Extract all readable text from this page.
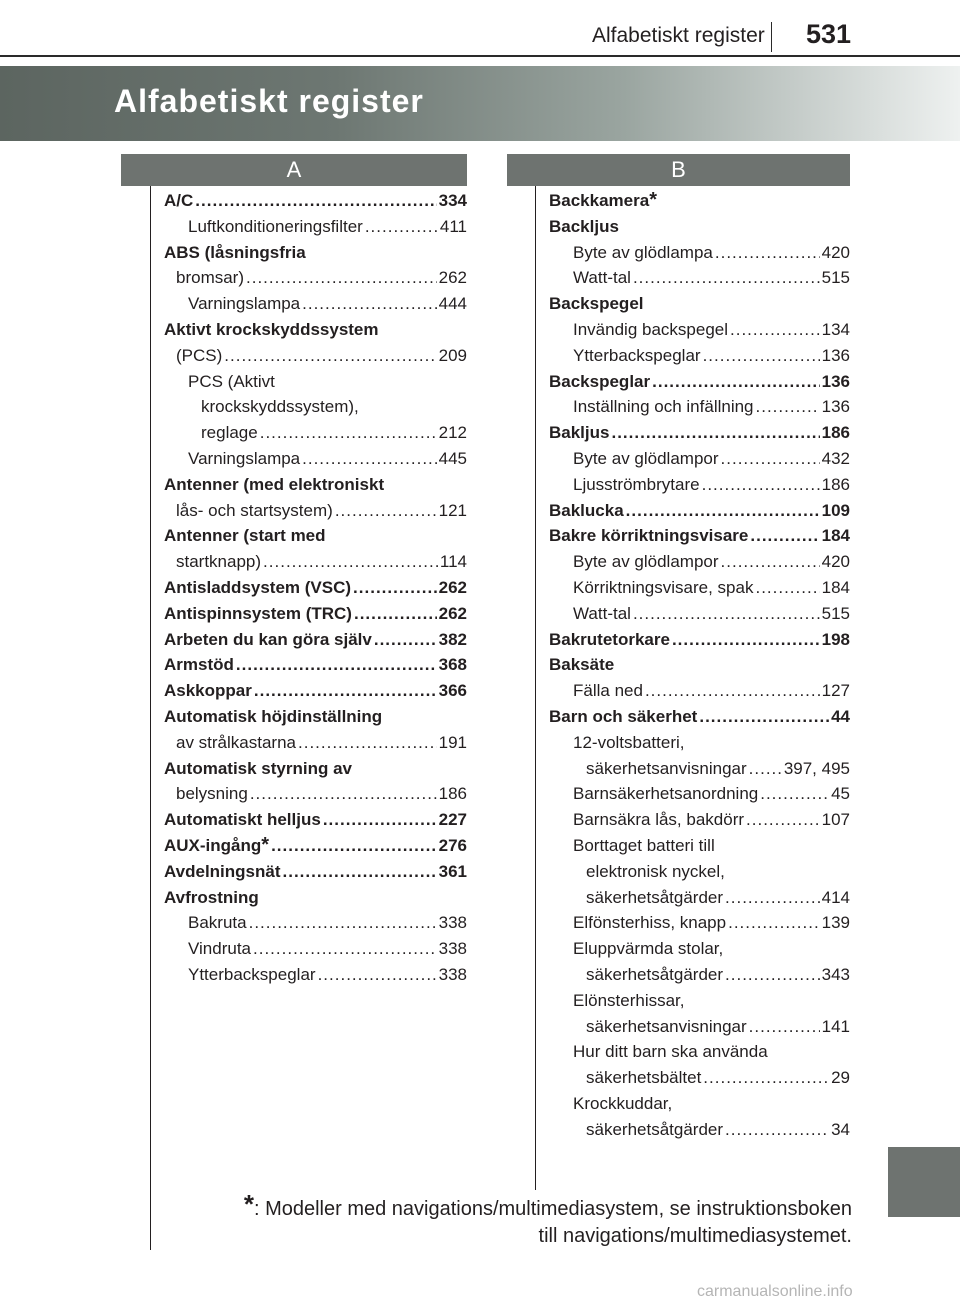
Alfabetiskt register 531
Alfabetiskt register
A	B
A/C .....	334
Luftkonditioneringsfilter .....	411
ABS (låsningsfria
bromsar) .....	262
Varningslampa .....	444
Aktivt krockskyddssystem
(PCS) .....	209
PCS (Aktivt
krockskyddssystem),
reglage .....	212
Varningslampa .....	445
Antenner (med elektroniskt
lås- och startsystem) .....	121
Antenner (start med
startknapp) .....	114
Antisladdsystem (VSC) .....	262
Antispinnsystem (TRC) .....	262
Arbeten du kan göra själv .....	382
Armstöd .....	368
Askkoppar .....	366
Automatisk höjdinställning
av strålkastarna .....	191
Automatisk styrning av
belysning .....	186
Automatiskt helljus .....	227
AUX-ingång * .....	276
Avdelningsnät .....	361
Avfrostning
Bakruta .....	338
Vindruta .....	338
Ytterbackspeglar .....	338
Backkamera *
Backljus
Byte av glödlampa .....	420
Watt-tal .....	515
Backspegel
Invändig backspegel .....	134
Ytterbackspeglar .....	136
Backspeglar .....	136
Inställning och infällning .....	136
Bakljus .....	186
Byte av glödlampor .....	432
Ljusströmbrytare .....	186
Baklucka .....	109
Bakre körriktningsvisare .....	184
Byte av glödlampor .....	420
Körriktningsvisare, spak .....	184
Watt-tal .....	515
Bakrutetorkare .....	198
Baksäte
Fälla ned .....	127
Barn och säkerhet .....	44
12-voltsbatteri,
säkerhetsanvisningar ..... 397, 495
Barnsäkerhetsanordning .....	45
Barnsäkra lås, bakdörr .....	107
Borttaget batteri till
elektronisk nyckel,
säkerhetsåtgärder .....	414
Elfönsterhiss, knapp .....	139
Eluppvärmda stolar,
säkerhetsåtgärder .....	343
Elönsterhissar,
säkerhetsanvisningar .....	141
Hur ditt barn ska använda
säkerhetsbältet .....	29
Krockkuddar,
säkerhetsåtgärder .....	34
*: Modeller med navigations/multimediasystem, se instruktionsboken
till navigations/multimediasystemet.
carmanualsonline.info
